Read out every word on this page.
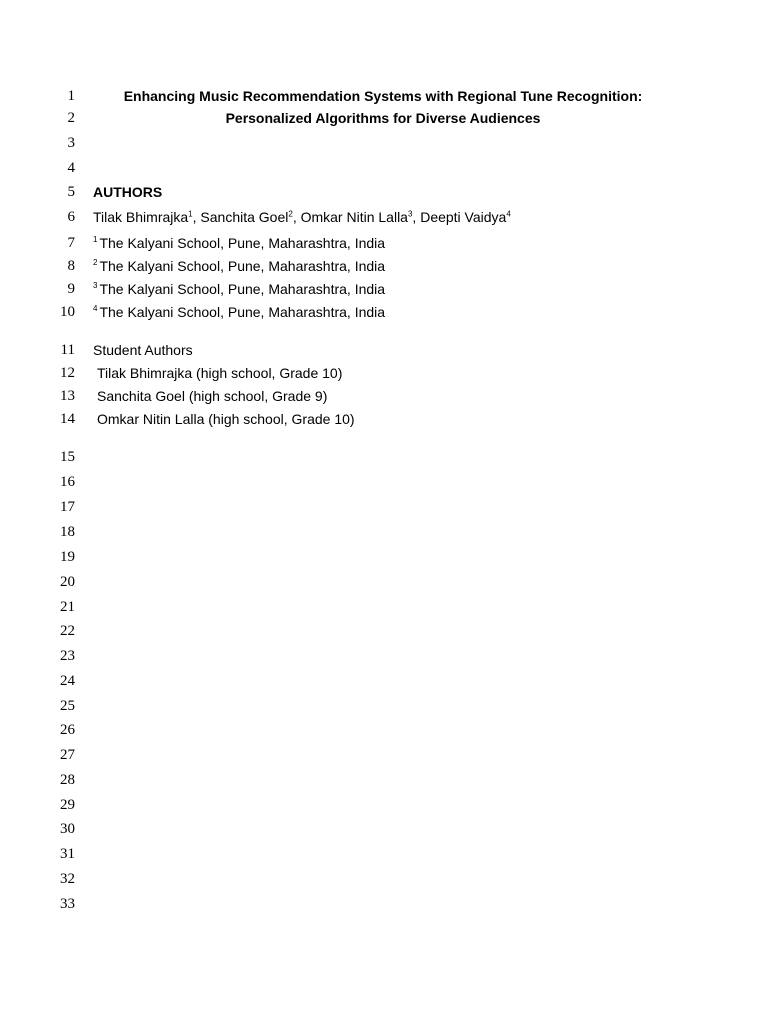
1
2
3
4
5
6
7
8
9
10
11
12
13
14
15
16
17
18
19
20
21
22
23
24
25
26
27
28
29
30
31
32
33
Enhancing Music Recommendation Systems with Regional Tune Recognition:
Personalized Algorithms for Diverse Audiences
AUTHORS
Tilak Bhimrajka$^1$, Sanchita Goel$^2$, Omkar Nitin Lalla$^3$, Deepti Vaidya$^4$
$^1$ The Kalyani School, Pune, Maharashtra, India
$^2$ The Kalyani School, Pune, Maharashtra, India
$^3$ The Kalyani School, Pune, Maharashtra, India
$^4$ The Kalyani School, Pune, Maharashtra, India
Student Authors
Tilak Bhimrajka (high school, Grade 10)
Sanchita Goel (high school, Grade 9)
Omkar Nitin Lalla (high school, Grade 10)
